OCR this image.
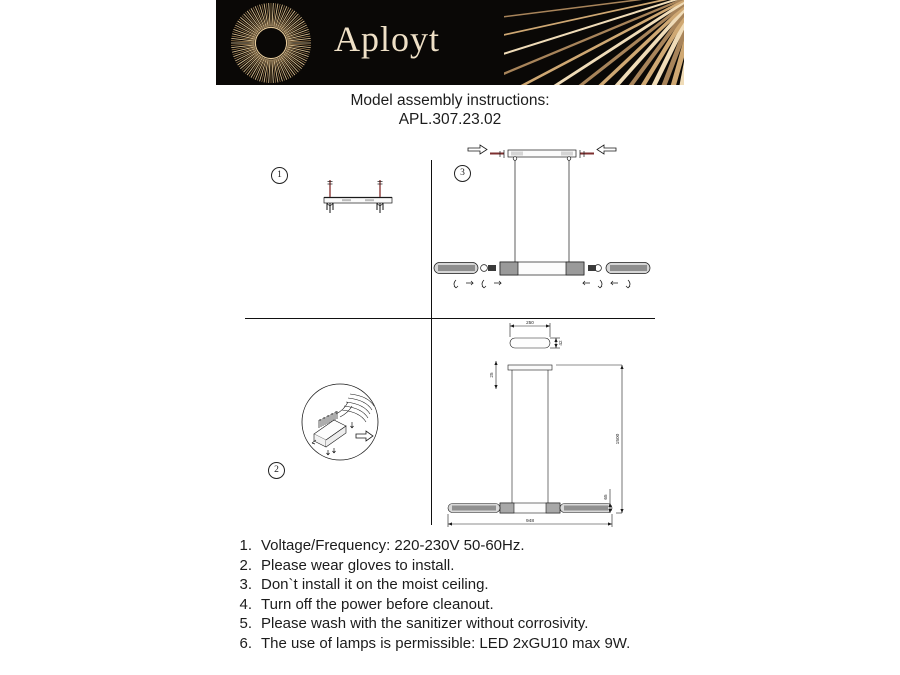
Aployt
Model assembly instructions:
APL.307.23.02
1
2
3
250
42
25
1500
65
948
1. Voltage/Frequency: 220-230V 50-60Hz.
2. Please wear gloves to install.
3. Don`t install it on the moist ceiling.
4. Turn off the power before cleanout.
5. Please wash with the sanitizer without corrosivity.
6. The use of lamps is permissible: LED 2xGU10 max 9W.
